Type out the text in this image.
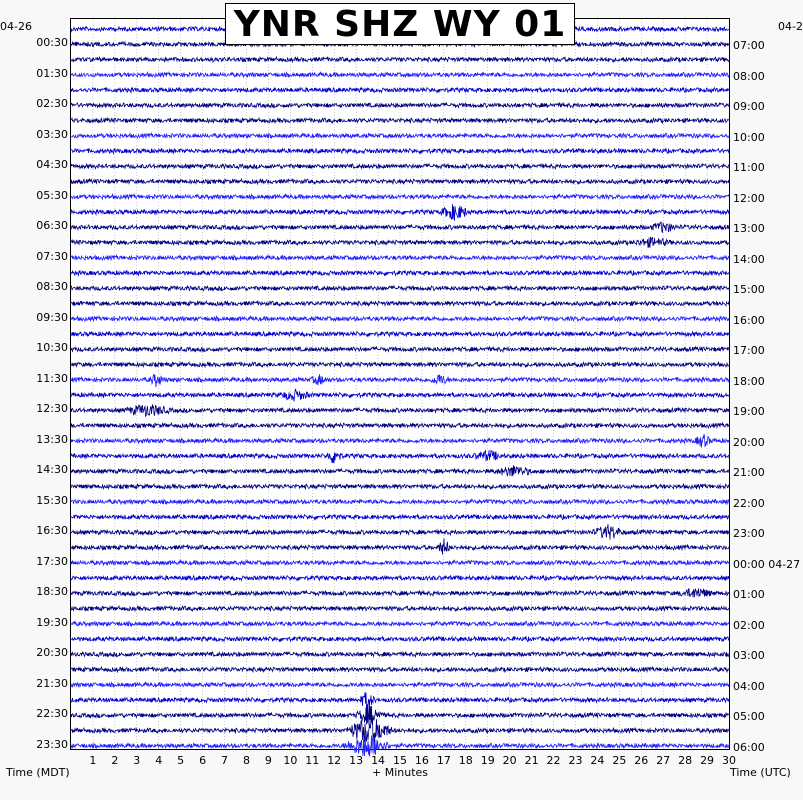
YNR SHZ WY 01
04-26	04-2
00:30
01:30
02:30
03:30
04:30
05:30
06:30
07:30
08:30
09:30
10:30
11:30
12:30
13:30
14:30
15:30
16:30
17:30
18:30
19:30
20:30
21:30
22:30
23:30
07:00
08:00
09:00
10:00
11:00
12:00
13:00
14:00
15:00
16:00
17:00
18:00
19:00
20:00
21:00
22:00
23:00
00:00 04-27
01:00
02:00
03:00
04:00
05:00
06:00
1 2 3 4 5 6 7 8 9 10 11 12 13 14 15 16 17 18 19 20 21 22 23 24 25 26 27 28 29 30
Time (MDT)	+ Minutes	Time (UTC)
